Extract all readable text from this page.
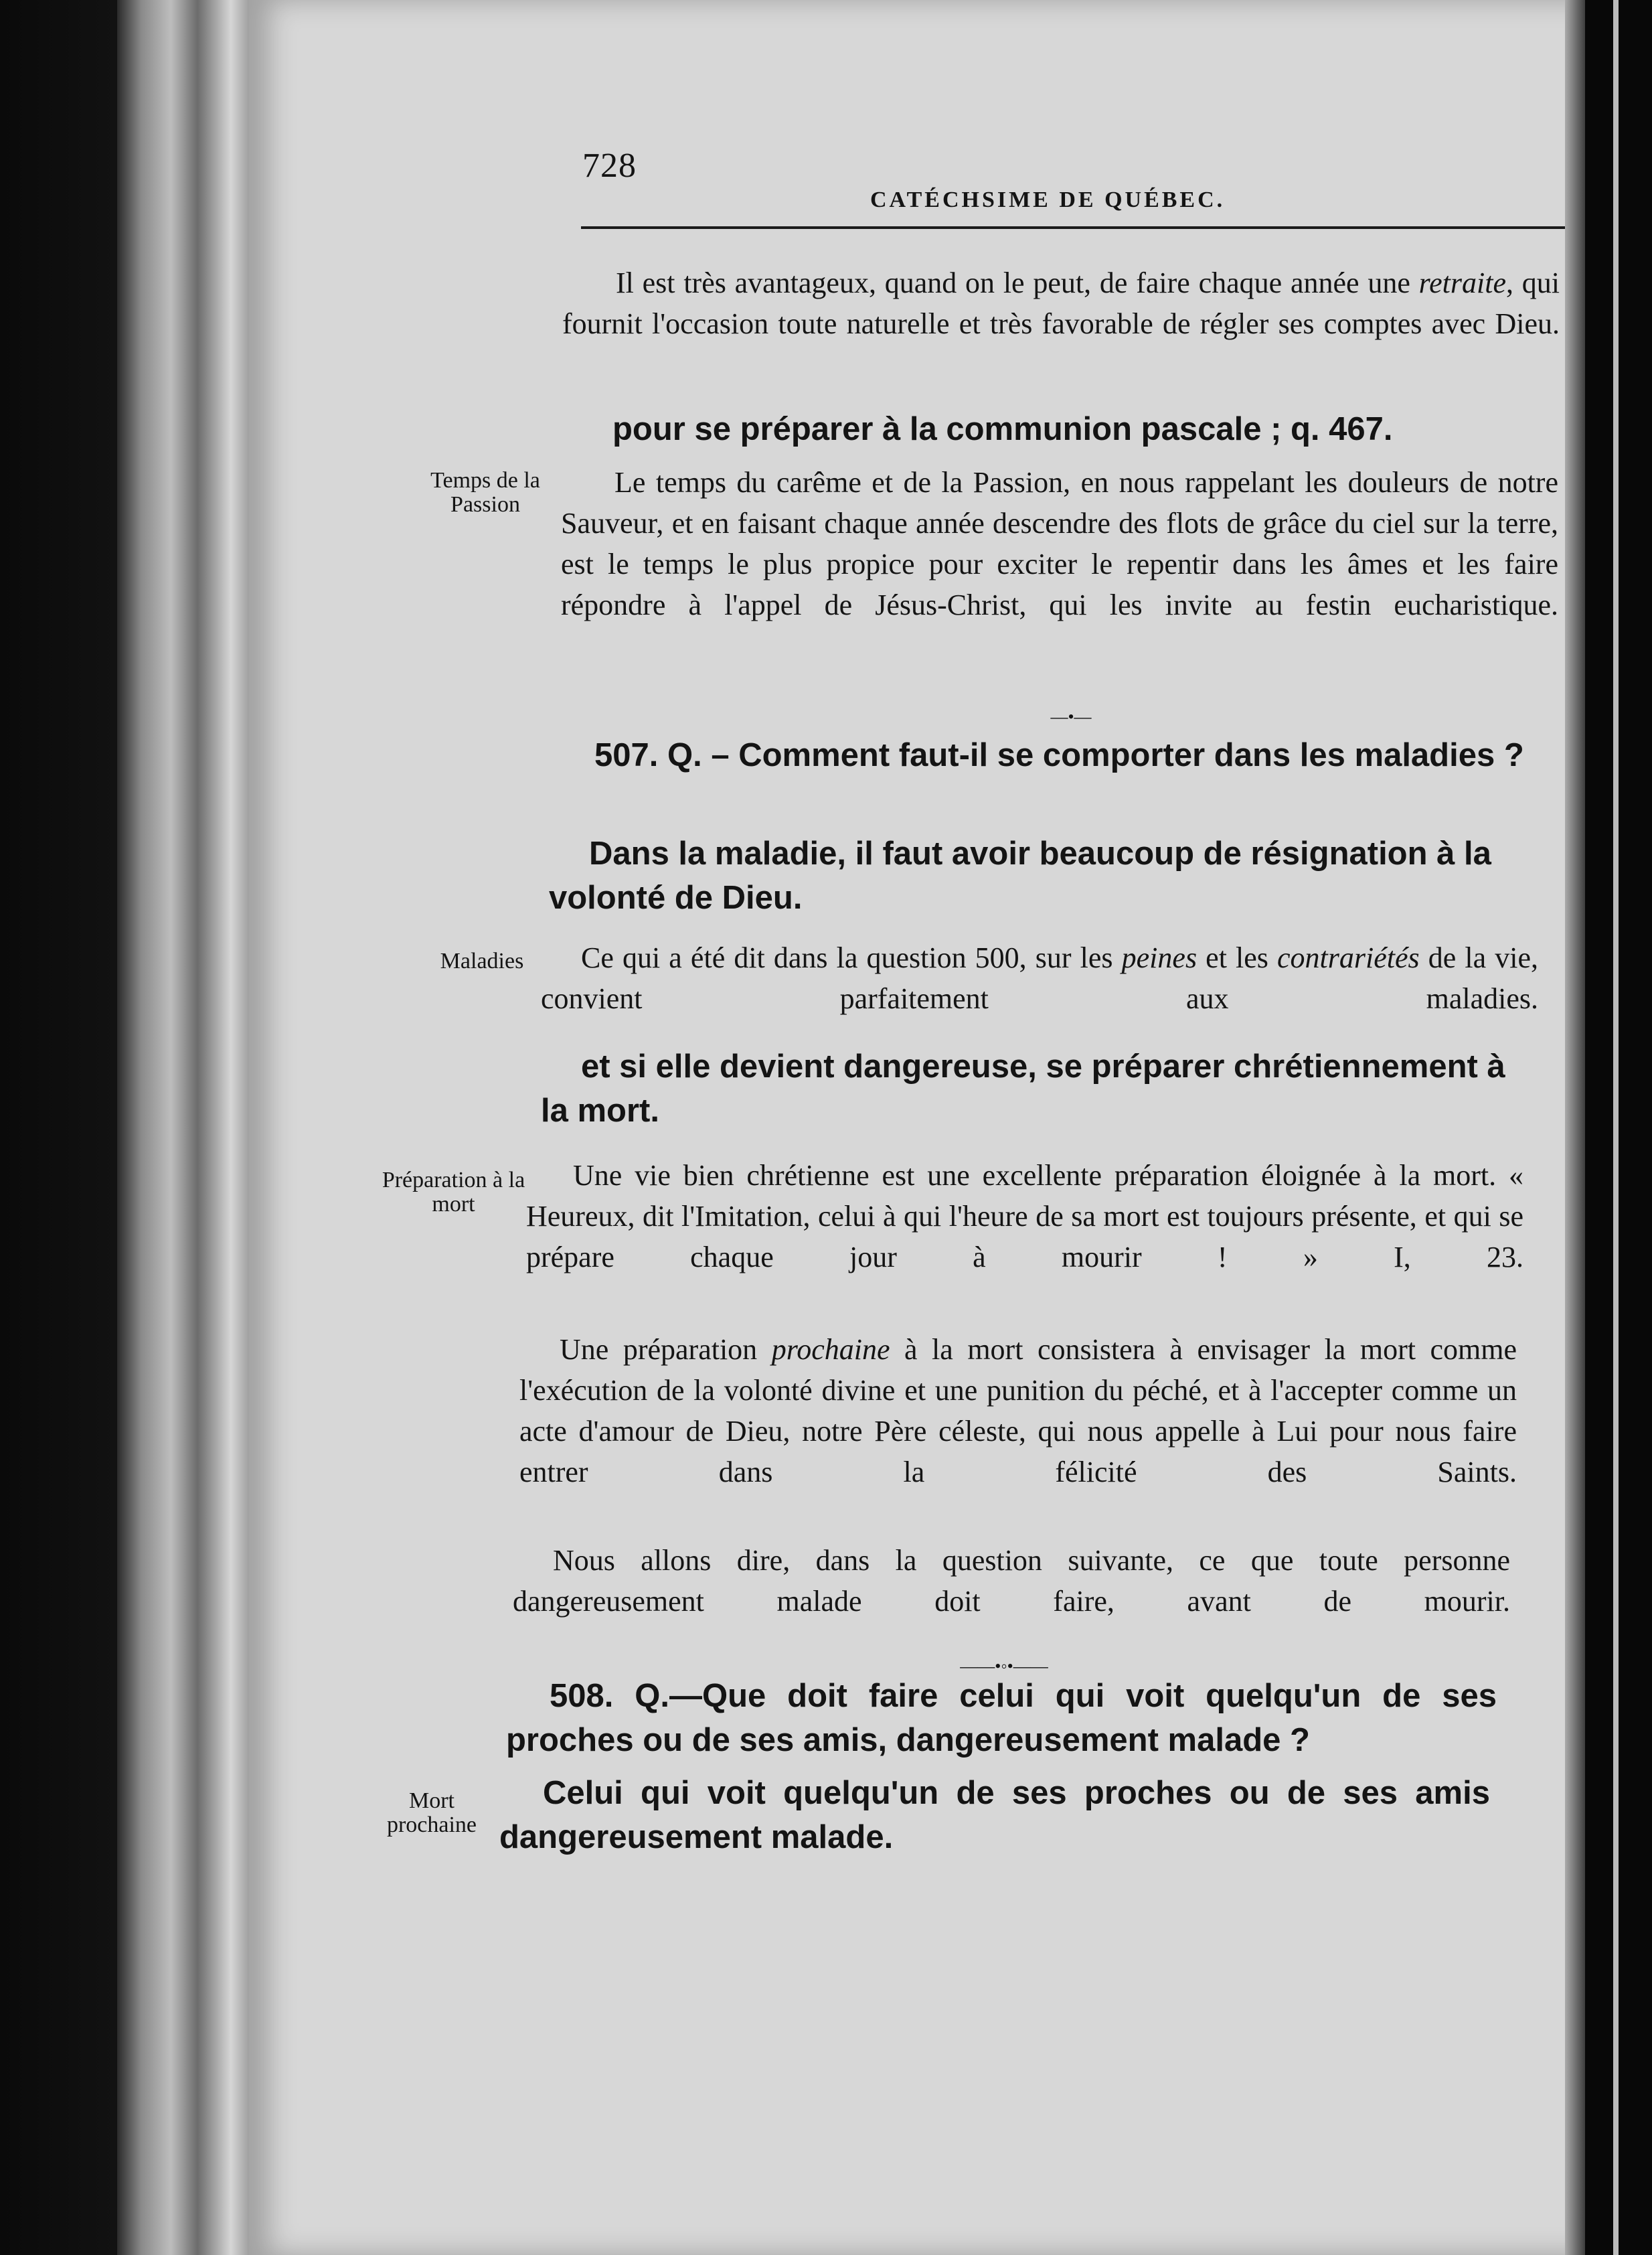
728
CATÉCHSIME DE QUÉBEC.

Il est très avantageux, quand on le peut, de faire chaque année une retraite, qui fournit l'occasion toute naturelle et très favorable de régler ses comptes avec Dieu.

pour se préparer à la communion pascale ; q. 467.

Temps de la Passion

Le temps du carême et de la Passion, en nous rappelant les douleurs de notre Sauveur, et en faisant chaque année descendre des flots de grâce du ciel sur la terre, est le temps le plus propice pour exciter le repentir dans les âmes et les faire répondre à l'appel de Jésus-Christ, qui les invite au festin eucharistique.

—•—

507. Q. – Comment faut-il se comporter dans les maladies ?

Dans la maladie, il faut avoir beaucoup de résignation à la volonté de Dieu.

Maladies	Ce qui a été dit dans la question 500, sur les peines et les contrariétés de la vie, convient parfaitement aux maladies.

et si elle devient dangereuse, se préparer chrétiennement à la mort.

Préparation à la mort

Une vie bien chrétienne est une excellente préparation éloignée à la mort. « Heureux, dit l'Imitation, celui à qui l'heure de sa mort est toujours présente, et qui se prépare chaque jour à mourir ! » I, 23.

Une préparation prochaine à la mort consistera à envisager la mort comme l'exécution de la volonté divine et une punition du péché, et à l'accepter comme un acte d'amour de Dieu, notre Père céleste, qui nous appelle à Lui pour nous faire entrer dans la félicité des Saints.

Nous allons dire, dans la question suivante, ce que toute personne dangereusement malade doit faire, avant de mourir.

——•◦•——

508. Q.—Que doit faire celui qui voit quelqu'un de ses proches ou de ses amis, dangereusement malade ?

Mort prochaine

Celui qui voit quelqu'un de ses proches ou de ses amis dangereusement malade.
